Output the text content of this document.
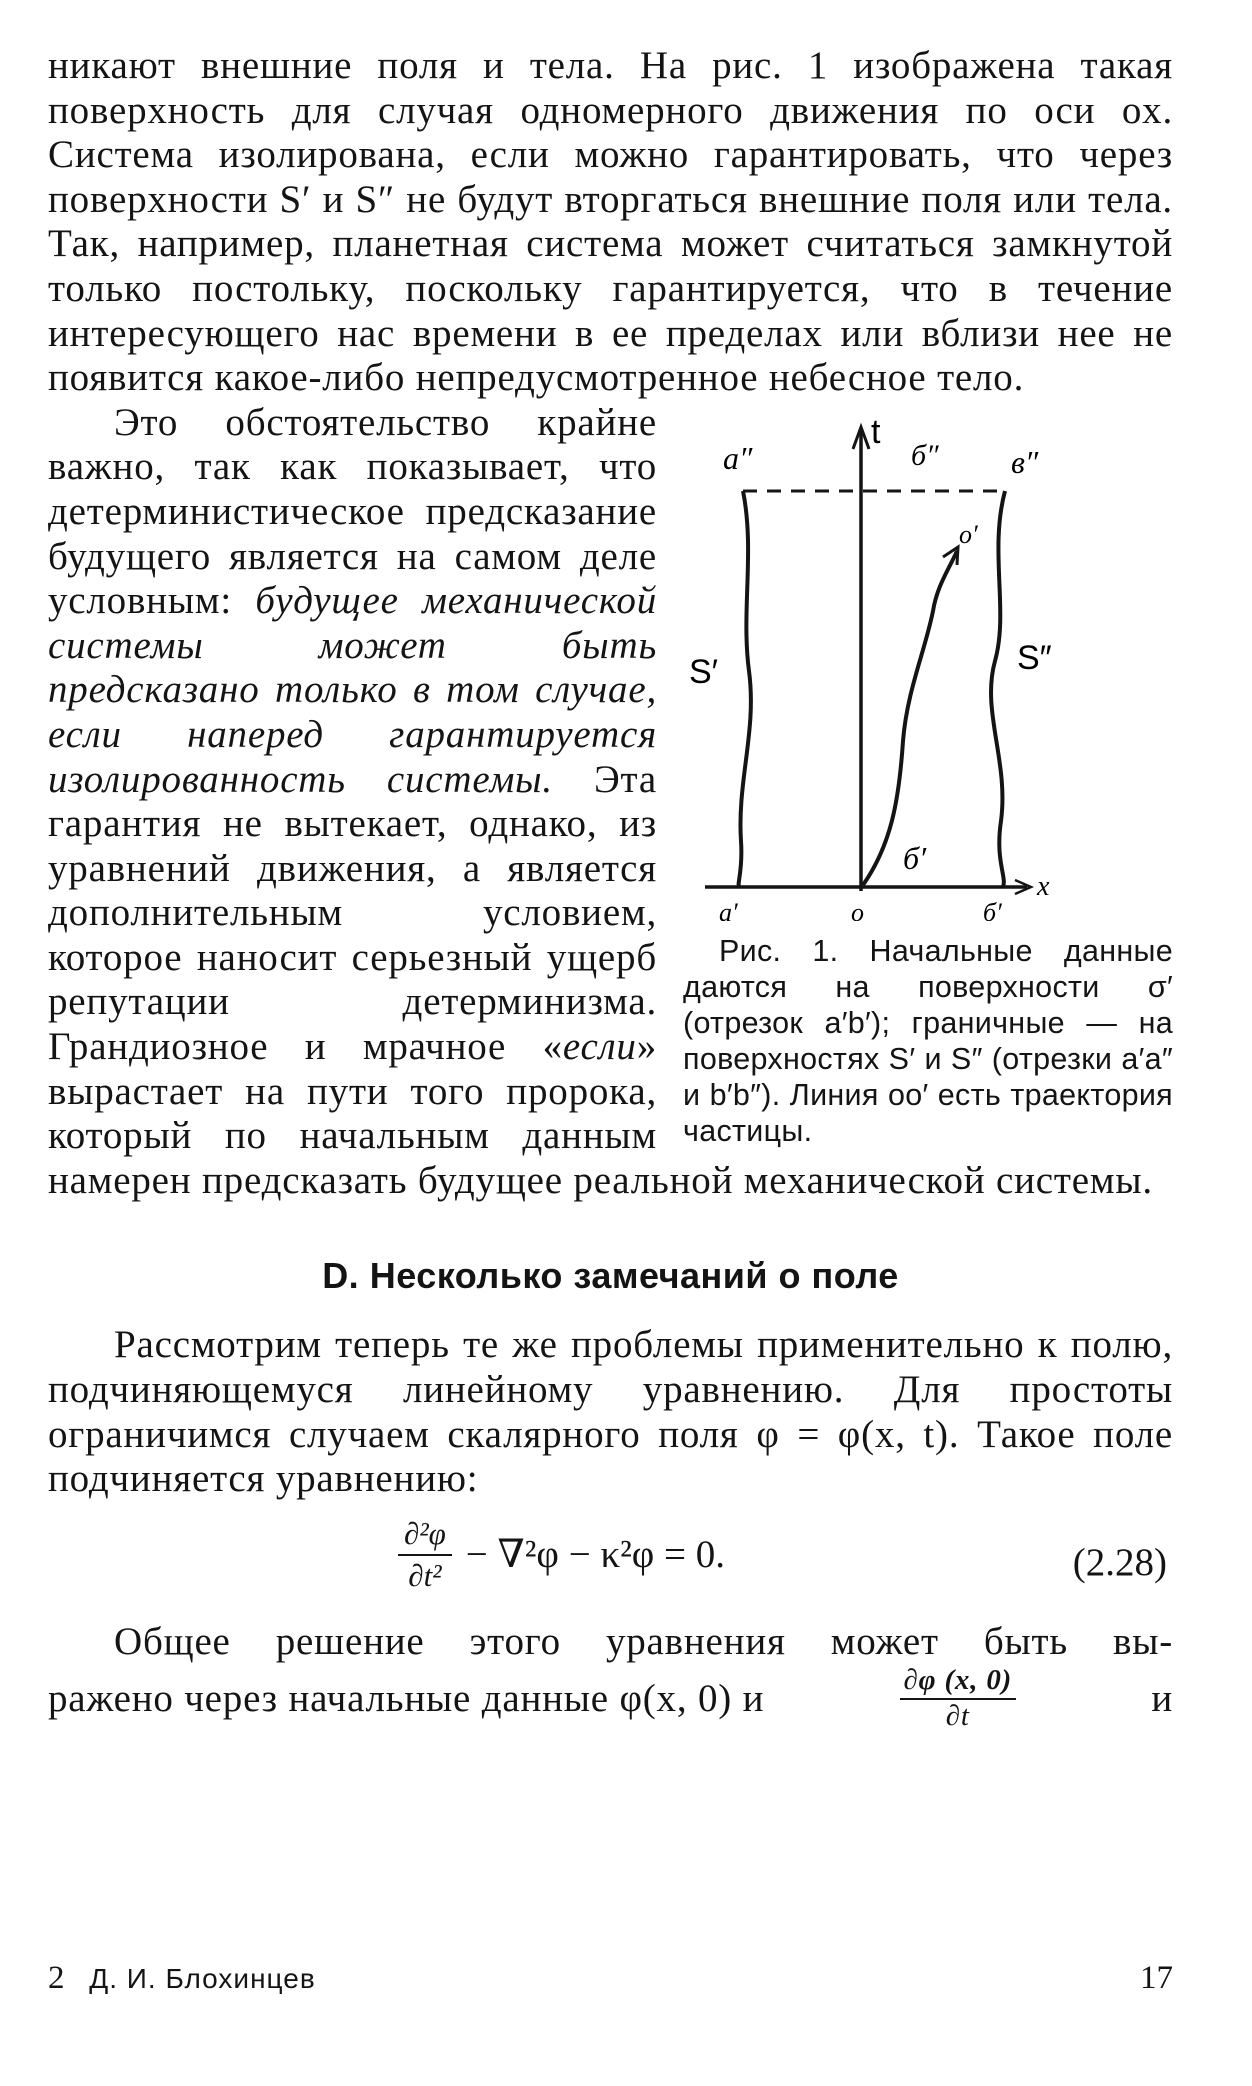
никают внешние поля и тела. На рис. 1 изображена такая поверхность для случая одномерного движения по оси ox. Система изолирована, если можно гарантировать, что через поверхности S′ и S″ не будут вторгаться внешние поля или тела. Так, например, планетная система может считаться замкнутой только постольку, поскольку гарантируется, что в течение интересующего нас времени в ее пределах или вблизи нее не появится какое-либо непредусмотренное небесное тело.

t
x
a″	б″ в″
o′
S′	S″
б′
a′	o	б′

Рис. 1. Начальные данные даются на поверхности σ′ (отрезок a′b′); граничные — на поверхностях S′ и S″ (отрезки a′a″ и b′b″). Линия oo′ есть траектория частицы.

Это обстоятельство крайне важно, так как показывает, что детерминистическое предсказание будущего является на самом деле условным: будущее механической системы может быть предсказано только в том случае, если наперед гарантируется изолированность системы. Эта гарантия не вытекает, однако, из уравнений движения, а является дополнительным условием, которое наносит серьезный ущерб репутации детерминизма. Грандиозное и мрачное «если» вырастает на пути того пророка, который по начальным данным намерен предсказать будущее реальной механической системы.

D. Несколько замечаний о поле

Рассмотрим теперь те же проблемы применительно к полю, подчиняющемуся линейному уравнению. Для простоты ограничимся случаем скалярного поля φ = φ(x, t). Такое поле подчиняется уравнению:

$\frac{\text{∂²φ}}{\text{∂t²}} - \nabla^2\varphi - \kappa^2\varphi = 0$.	(2.28)

Общее решение этого уравнения может быть вы-

ражено через начальные данные φ(x, 0) и	$\frac{\partial\varphi (x, 0)}{\partial t}$	и
2 Д. И. Блохинцев	17
